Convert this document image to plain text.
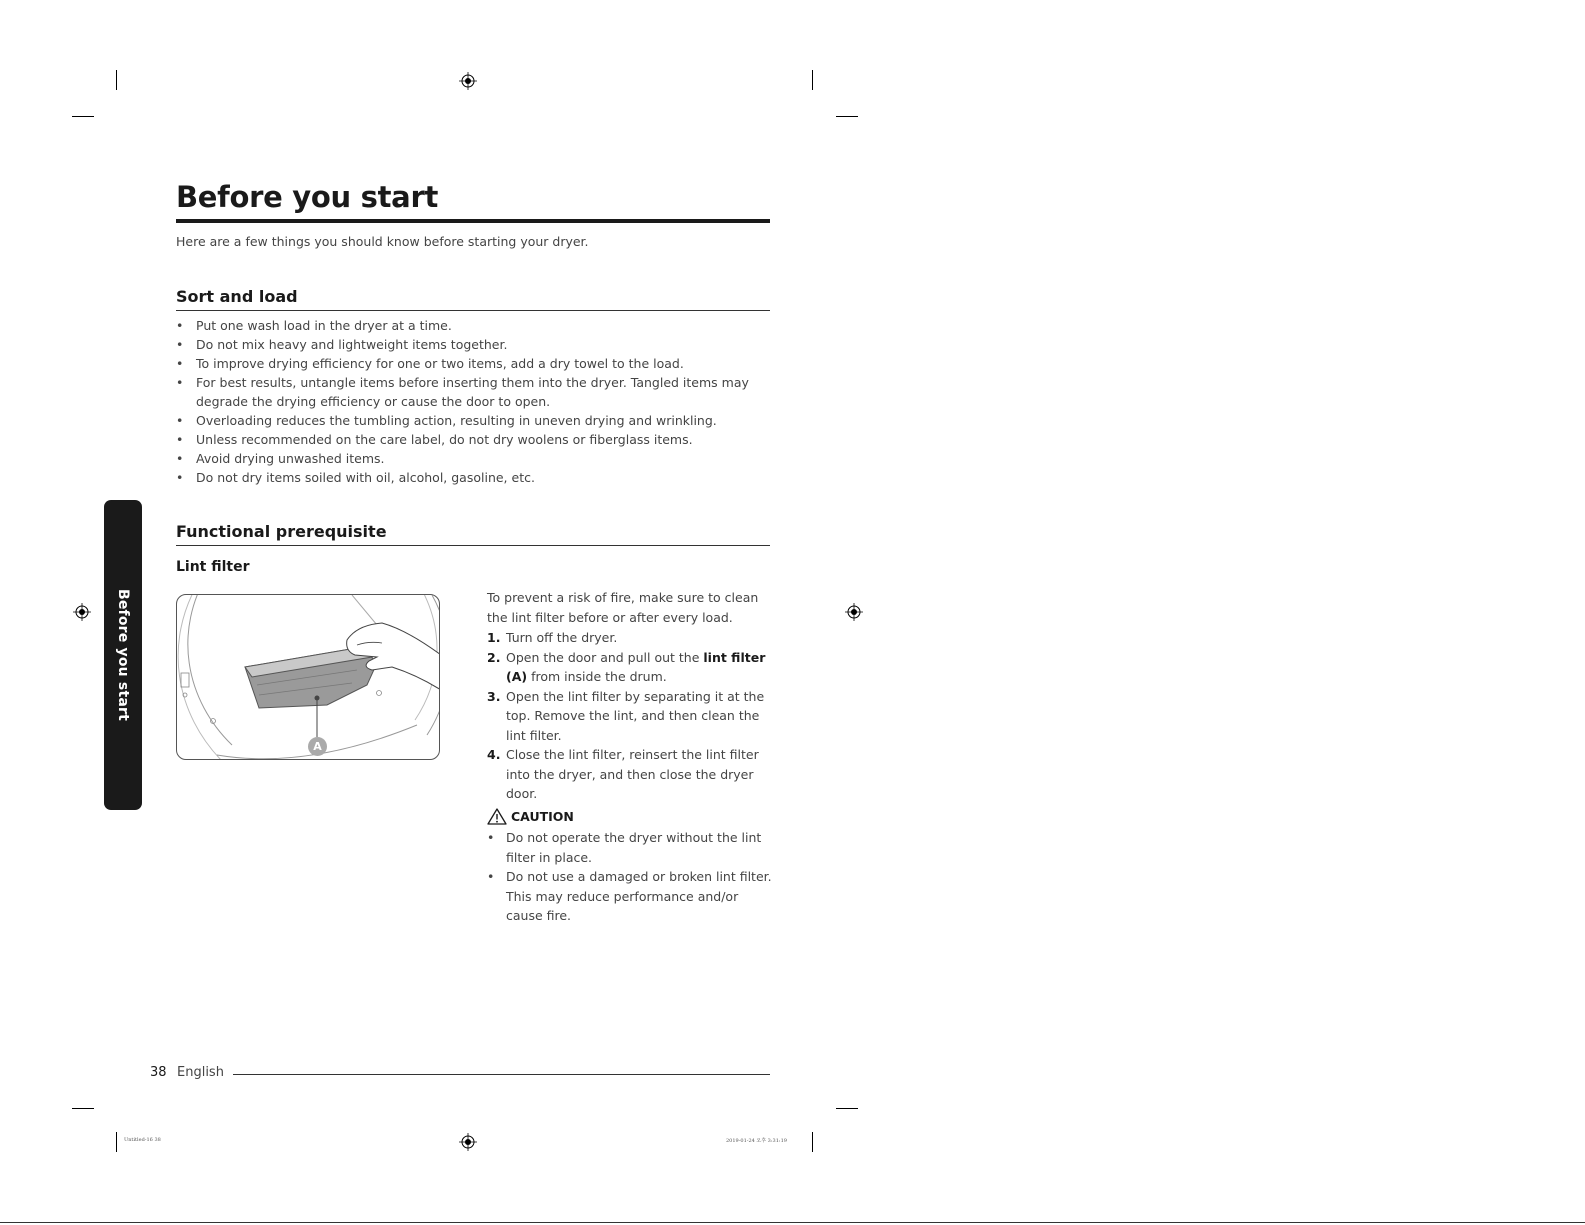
Before you start
Before you start

Here are a few things you should know before starting your dryer.

Sort and load
• Put one wash load in the dryer at a time.
• Do not mix heavy and lightweight items together.
• To improve drying efficiency for one or two items, add a dry towel to the load.
• For best results, untangle items before inserting them into the dryer. Tangled items may degrade the drying efficiency or cause the door to open.
• Overloading reduces the tumbling action, resulting in uneven drying and wrinkling.
• Unless recommended on the care label, do not dry woolens or fiberglass items.
• Avoid drying unwashed items.
• Do not dry items soiled with oil, alcohol, gasoline, etc.
Functional prerequisite
Lint filter
A

To prevent a risk of fire, make sure to clean the lint filter before or after every load.

1. Turn off the dryer.
2. Open the door and pull out the lint filter (A) from inside the drum.
3. Open the lint filter by separating it at the top. Remove the lint, and then clean the lint filter.
4. Close the lint filter, reinsert the lint filter into the dryer, and then close the dryer door.
CAUTION
• Do not operate the dryer without the lint filter in place.
• Do not use a damaged or broken lint filter. This may reduce performance and/or cause fire.
38 English
Untitled-16 38	2019-01-24 오후 3:31:19
